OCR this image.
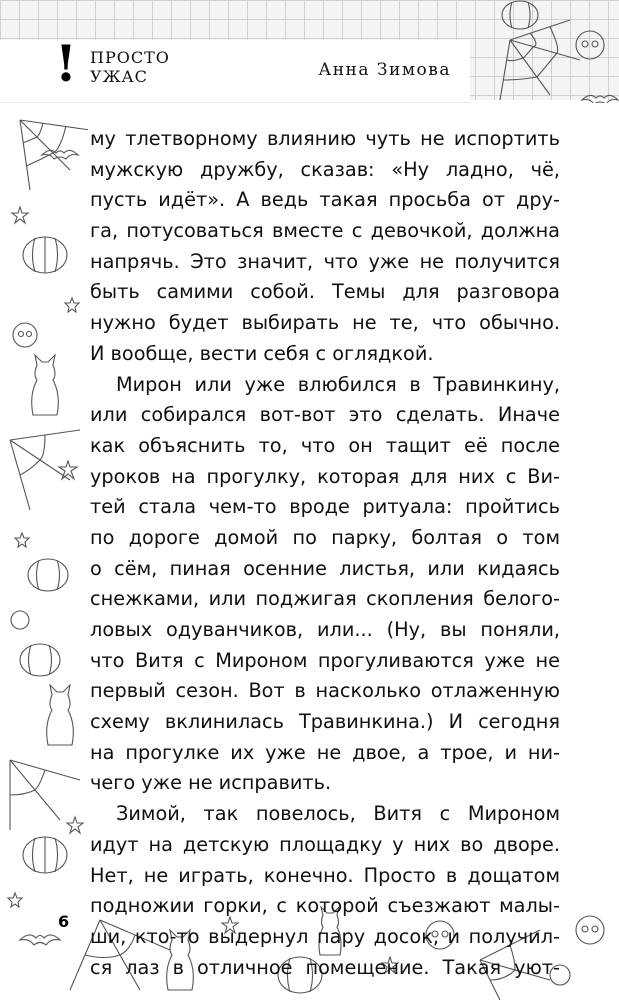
! ПРОСТО
УЖАС	Анна Зимова
му тлетворному влиянию чуть не испортить
мужскую дружбу, сказав: «Ну ладно, чё,
пусть идёт». А ведь такая просьба от дру-
га, потусоваться вместе с девочкой, должна
напрячь. Это значит, что уже не получится
быть самими собой. Темы для разговора
нужно будет выбирать не те, что обычно.
И вообще, вести себя с оглядкой.
Мирон или уже влюбился в Травинкину,
или собирался вот-вот это сделать. Иначе
как объяснить то, что он тащит её после
уроков на прогулку, которая для них с Ви-
тей стала чем-то вроде ритуала: пройтись
по дороге домой по парку, болтая о том
о сём, пиная осенние листья, или кидаясь
снежками, или поджигая скопления белого-
ловых одуванчиков, или... (Ну, вы поняли,
что Витя с Мироном прогуливаются уже не
первый сезон. Вот в насколько отлаженную
схему вклинилась Травинкина.) И сегодня
на прогулке их уже не двое, а трое, и ни-
чего уже не исправить.
Зимой, так повелось, Витя с Мироном
идут на детскую площадку у них во дворе.
Нет, не играть, конечно. Просто в дощатом
подножии горки, с которой съезжают малы-
ши, кто-то выдернул пару досок, и получил-
ся лаз в отличное помещение. Такая уют-
6
